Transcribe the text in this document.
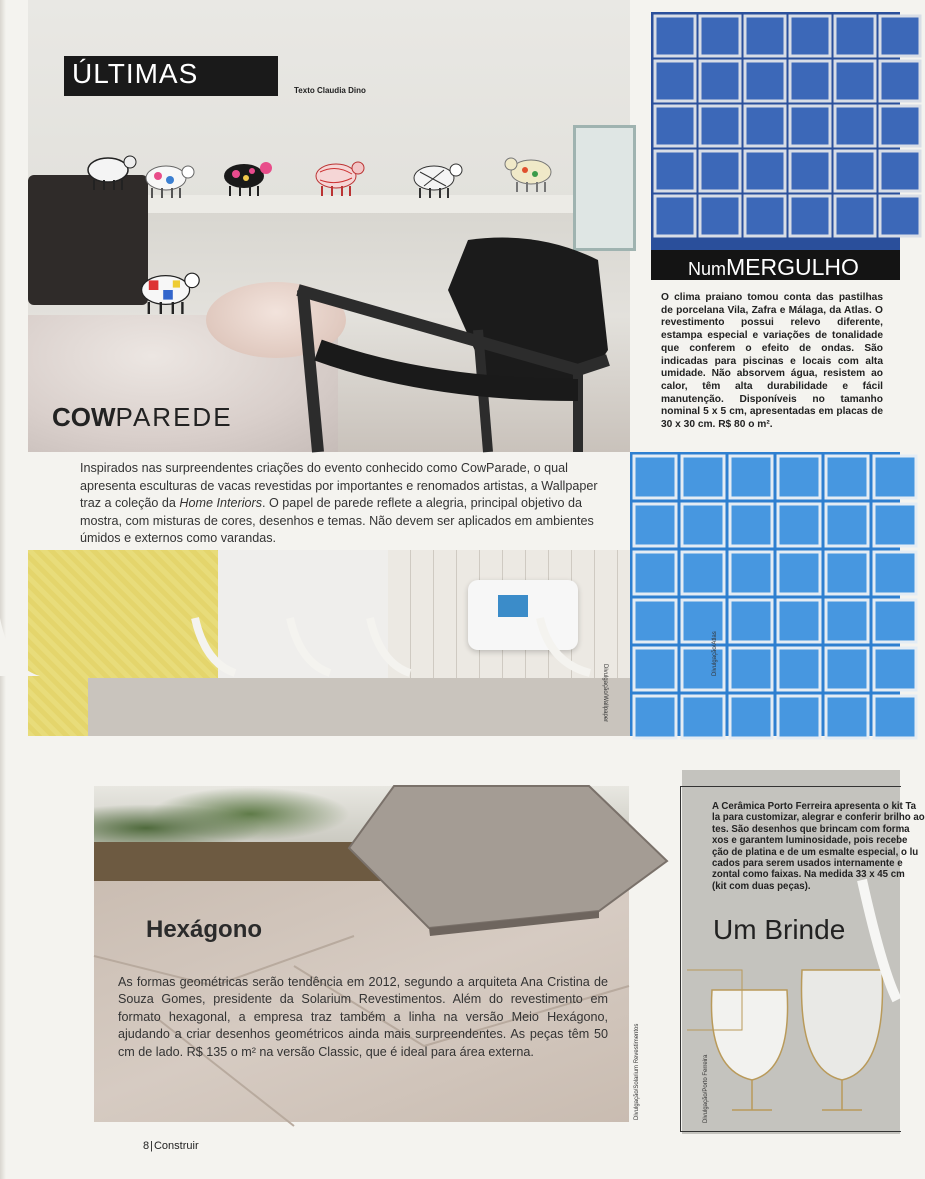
ÚLTIMAS
Texto Claudia Dino
COWPAREDE
Inspirados nas surpreendentes criações do evento conhecido como CowParade, o qual apresenta esculturas de vacas revestidas por importantes e renomados artistas, a Wallpaper traz a coleção da Home Interiors. O papel de parede reflete a alegria, principal objetivo da mostra, com misturas de cores, desenhos e temas. Não devem ser aplicados em ambientes úmidos e externos como varandas.
Divulgação/Wallpaper
NumMERGULHO
O clima praiano tomou conta das pastilhas de porcelana Vila, Zafra e Málaga, da Atlas. O revestimento possui relevo diferente, estampa especial e variações de tonalidade que conferem o efeito de ondas. São indicadas para piscinas e locais com alta umidade. Não absorvem água, resistem ao calor, têm alta durabilidade e fácil manutenção. Disponíveis no tamanho nominal 5 x 5 cm, apresentadas em placas de 30 x 30 cm. R$ 80 o m².
Divulgação/Atlas
Hexágono
As formas geométricas serão tendência em 2012, segundo a arquiteta Ana Cristina de Souza Gomes, presidente da Solarium Revestimentos. Além do revestimento em formato hexagonal, a empresa traz também a linha na versão Meio Hexágono, ajudando a criar desenhos geométricos ainda mais surpreendentes. As peças têm 50 cm de lado. R$ 135 o m² na versão Classic, que é ideal para área externa.	Divulgação/Solarium Revestimentos
A Cerâmica Porto Ferreira apresenta o kit Ta
la para customizar, alegrar e conferir brilho ao
tes. São desenhos que brincam com forma
xos e garantem luminosidade, pois recebe
ção de platina e de um esmalte especial, o lu
cados para serem usados internamente e
zontal como faixas. Na medida 33 x 45 cm
(kit com duas peças).
Um Brinde
Divulgação/Porto Ferreira
8|Construir
